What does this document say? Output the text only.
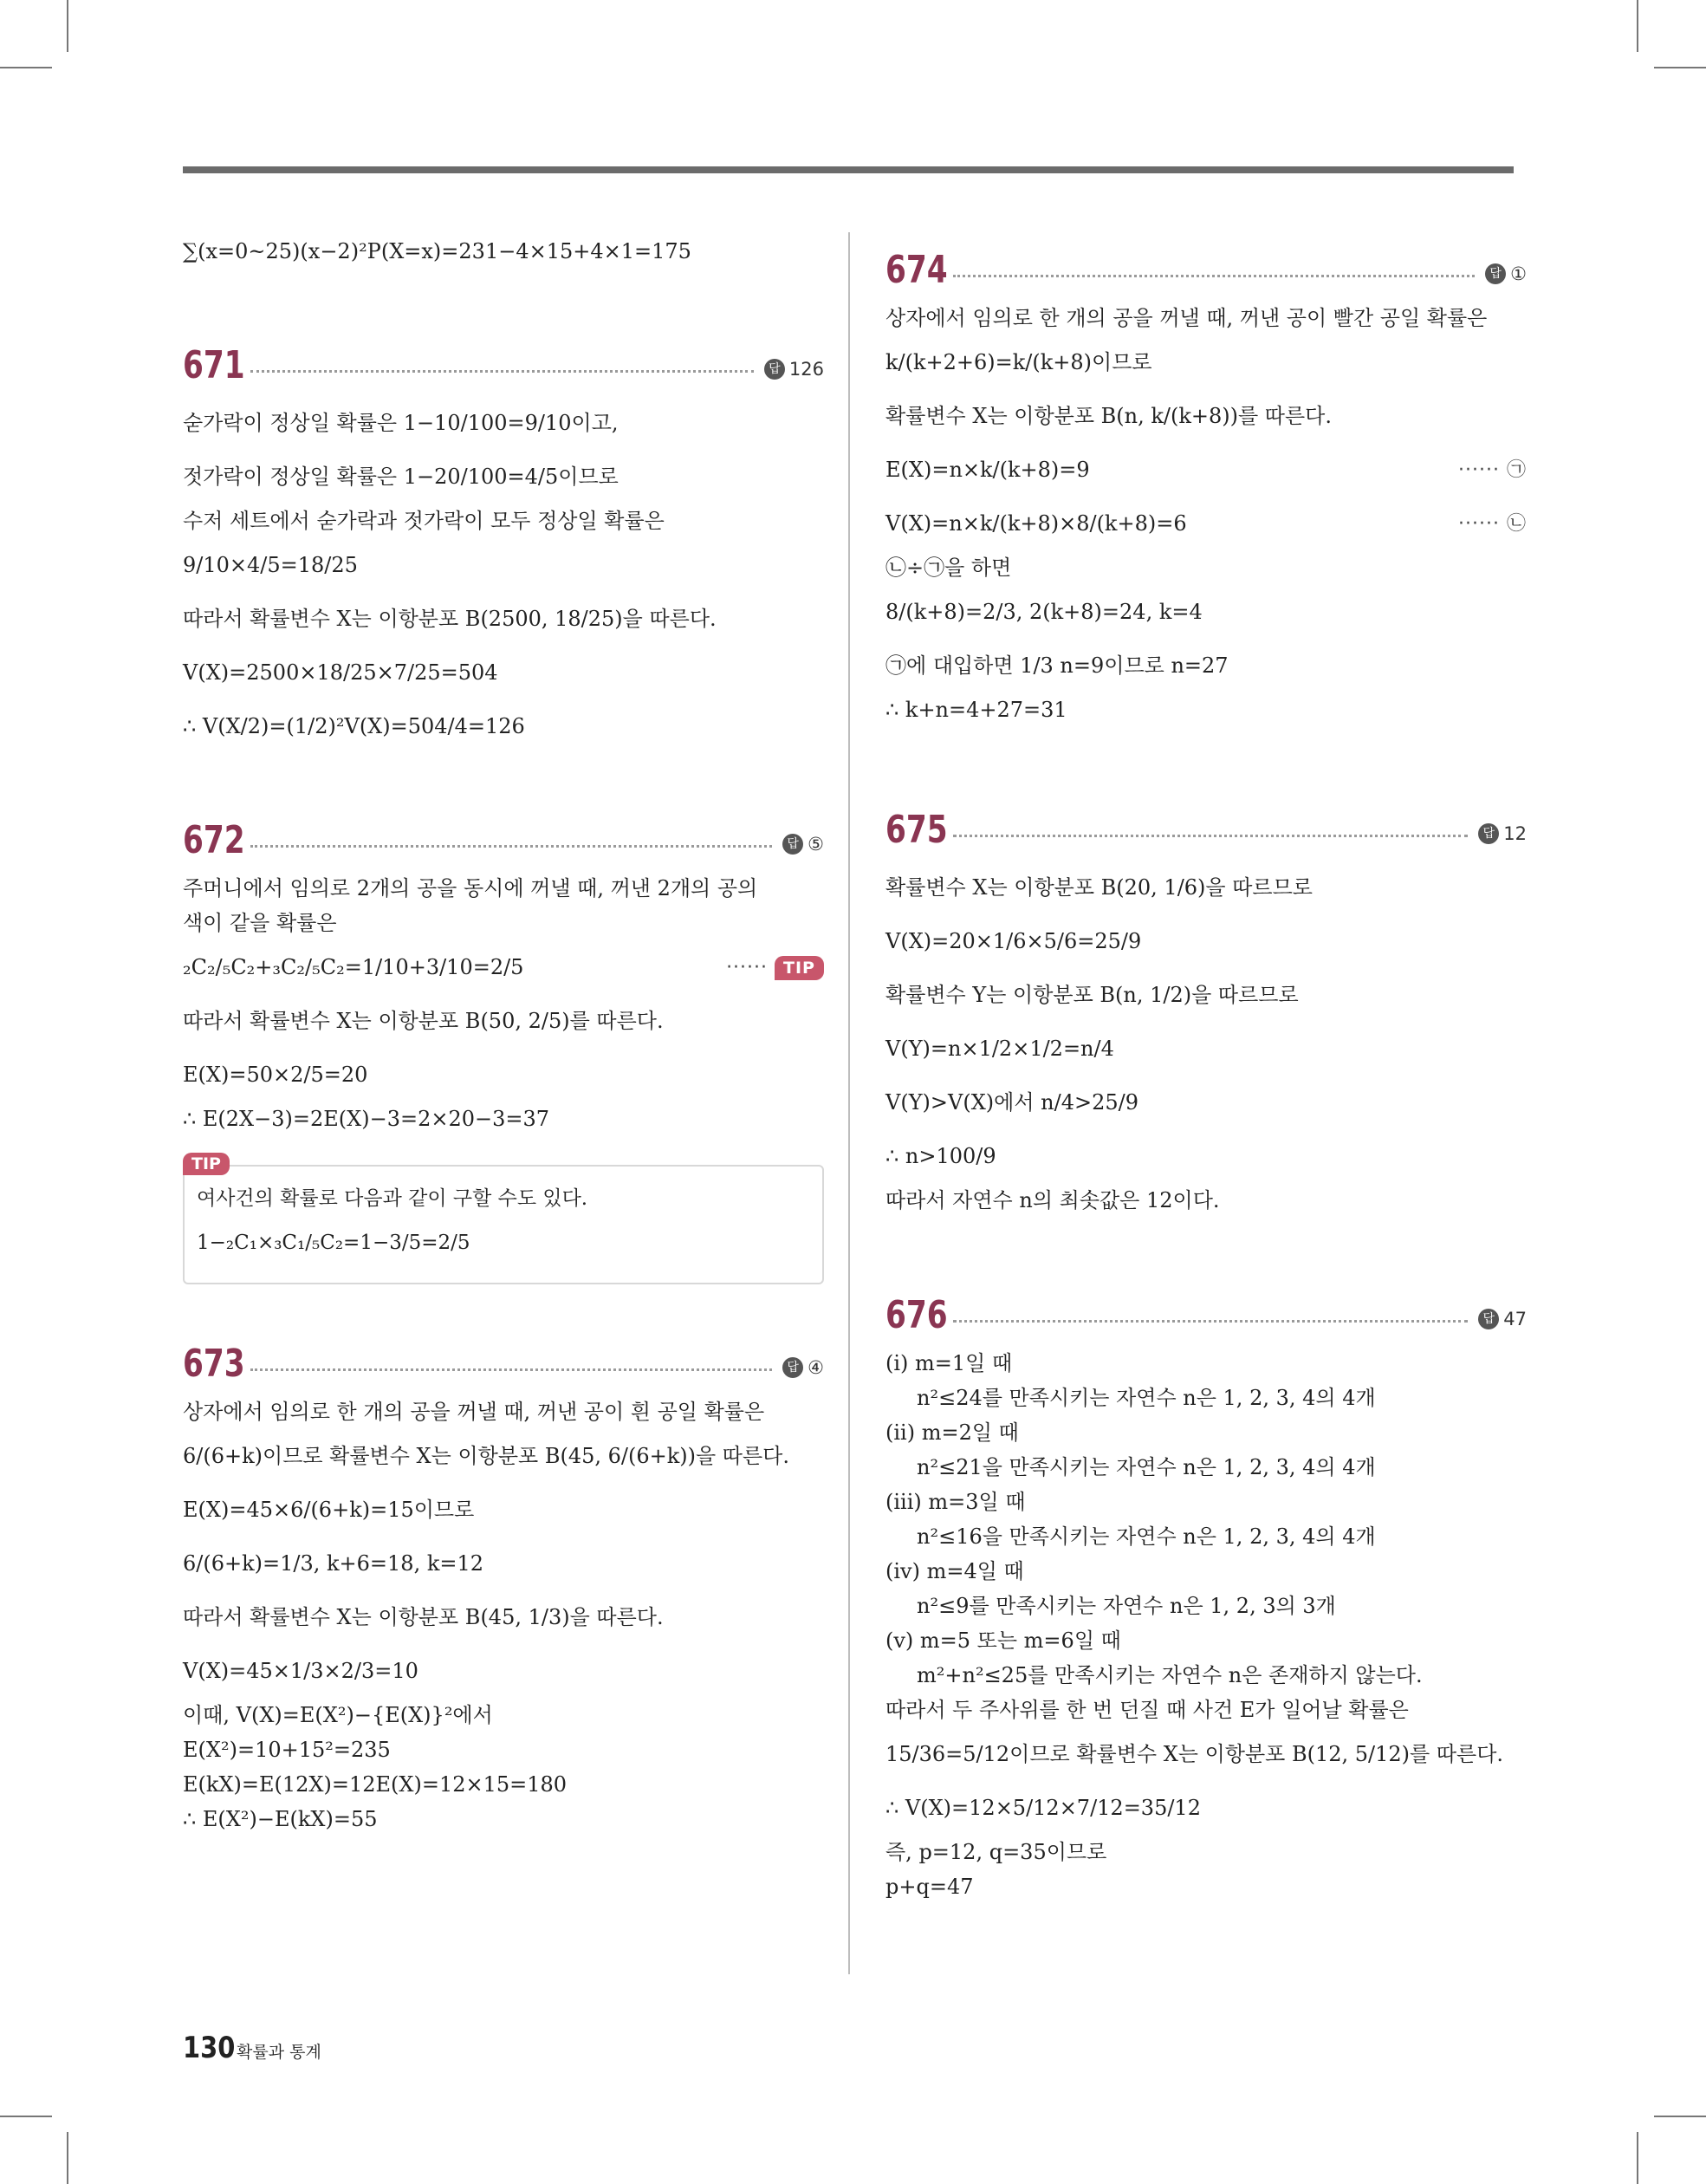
∑(x=0~25)(x−2)²P(X=x)=231−4×15+4×1=175
671	답 126
숟가락이 정상일 확률은 1−10/100=9/10이고,
젓가락이 정상일 확률은 1−20/100=4/5이므로
수저 세트에서 숟가락과 젓가락이 모두 정상일 확률은
9/10×4/5=18/25
따라서 확률변수 X는 이항분포 B(2500, 18/25)을 따른다.
V(X)=2500×18/25×7/25=504
∴ V(X/2)=(1/2)²V(X)=504/4=126
672	답 ⑤
주머니에서 임의로 2개의 공을 동시에 꺼낼 때, 꺼낸 2개의 공의
색이 같을 확률은
₂C₂/₅C₂+₃C₂/₅C₂=1/10+3/10=2/5	······ TIP
따라서 확률변수 X는 이항분포 B(50, 2/5)를 따른다.
E(X)=50×2/5=20
∴ E(2X−3)=2E(X)−3=2×20−3=37
TIP
여사건의 확률로 다음과 같이 구할 수도 있다.
1−₂C₁×₃C₁/₅C₂=1−3/5=2/5
673	답 ④
상자에서 임의로 한 개의 공을 꺼낼 때, 꺼낸 공이 흰 공일 확률은
6/(6+k)이므로 확률변수 X는 이항분포 B(45, 6/(6+k))을 따른다.
E(X)=45×6/(6+k)=15이므로
6/(6+k)=1/3, k+6=18, k=12
따라서 확률변수 X는 이항분포 B(45, 1/3)을 따른다.
V(X)=45×1/3×2/3=10
이때, V(X)=E(X²)−{E(X)}²에서
E(X²)=10+15²=235
E(kX)=E(12X)=12E(X)=12×15=180
∴ E(X²)−E(kX)=55
674	답 ①
상자에서 임의로 한 개의 공을 꺼낼 때, 꺼낸 공이 빨간 공일 확률은
k/(k+2+6)=k/(k+8)이므로
확률변수 X는 이항분포 B(n, k/(k+8))를 따른다.
E(X)=n×k/(k+8)=9	······ ㉠
V(X)=n×k/(k+8)×8/(k+8)=6	······ ㉡
㉡÷㉠을 하면
8/(k+8)=2/3, 2(k+8)=24, k=4
㉠에 대입하면 1/3 n=9이므로 n=27
∴ k+n=4+27=31
675	답 12
확률변수 X는 이항분포 B(20, 1/6)을 따르므로
V(X)=20×1/6×5/6=25/9
확률변수 Y는 이항분포 B(n, 1/2)을 따르므로
V(Y)=n×1/2×1/2=n/4
V(Y)>V(X)에서 n/4>25/9
∴ n>100/9
따라서 자연수 n의 최솟값은 12이다.
676	답 47
(i) m=1일 때
n²≤24를 만족시키는 자연수 n은 1, 2, 3, 4의 4개
(ii) m=2일 때
n²≤21을 만족시키는 자연수 n은 1, 2, 3, 4의 4개
(iii) m=3일 때
n²≤16을 만족시키는 자연수 n은 1, 2, 3, 4의 4개
(iv) m=4일 때
n²≤9를 만족시키는 자연수 n은 1, 2, 3의 3개
(v) m=5 또는 m=6일 때
m²+n²≤25를 만족시키는 자연수 n은 존재하지 않는다.
따라서 두 주사위를 한 번 던질 때 사건 E가 일어날 확률은
15/36=5/12이므로 확률변수 X는 이항분포 B(12, 5/12)를 따른다.
∴ V(X)=12×5/12×7/12=35/12
즉, p=12, q=35이므로
p+q=47
130 확률과 통계
